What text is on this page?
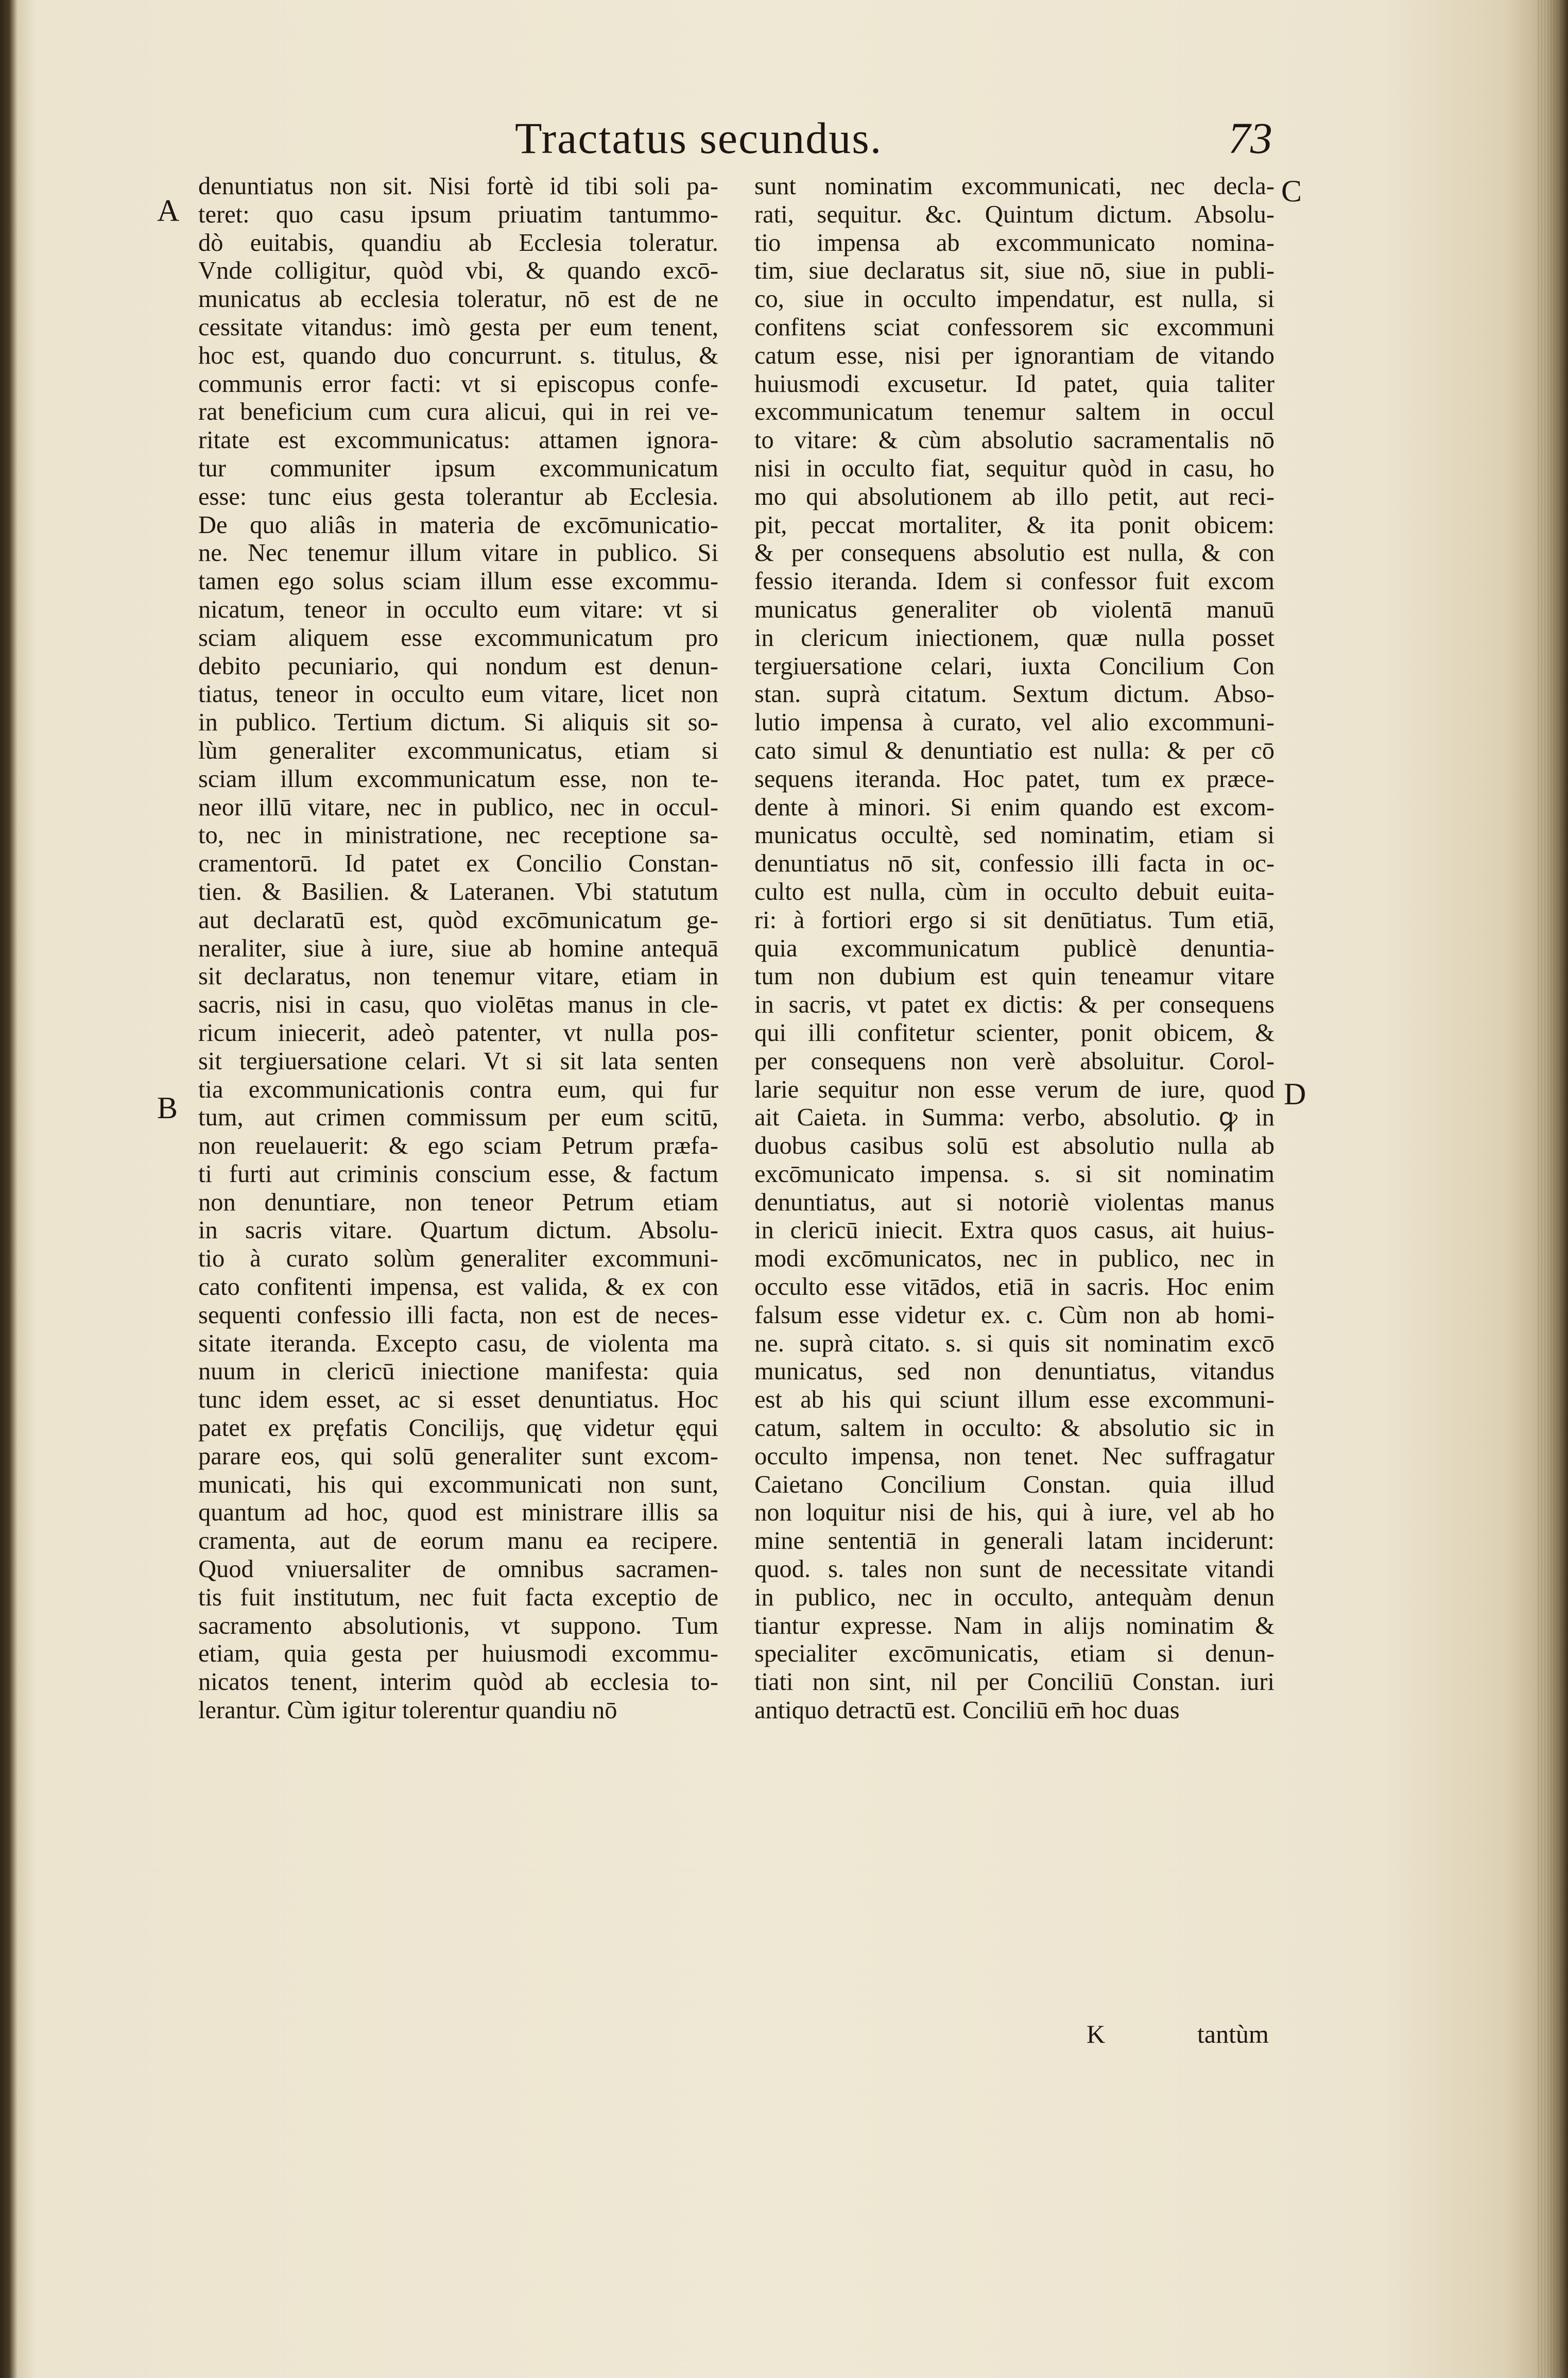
Tractatus secundus.	73
A
B
C
D
denuntiatus non sit. Nisi fortè id tibi soli pa-
teret: quo casu ipsum priuatim tantummo-
dò euitabis, quandiu ab Ecclesia toleratur.
Vnde colligitur, quòd vbi, & quando excō-
municatus ab ecclesia toleratur, nō est de ne
cessitate vitandus: imò gesta per eum tenent,
hoc est, quando duo concurrunt. s. titulus, &
communis error facti: vt si episcopus confe-
rat beneficium cum cura alicui, qui in rei ve-
ritate est excommunicatus: attamen ignora-
tur communiter ipsum excommunicatum
esse: tunc eius gesta tolerantur ab Ecclesia.
De quo aliâs in materia de excōmunicatio-
ne. Nec tenemur illum vitare in publico. Si
tamen ego solus sciam illum esse excommu-
nicatum, teneor in occulto eum vitare: vt si
sciam aliquem esse excommunicatum pro
debito pecuniario, qui nondum est denun-
tiatus, teneor in occulto eum vitare, licet non
in publico. Tertium dictum. Si aliquis sit so-
lùm generaliter excommunicatus, etiam si
sciam illum excommunicatum esse, non te-
neor illū vitare, nec in publico, nec in occul-
to, nec in ministratione, nec receptione sa-
cramentorū. Id patet ex Concilio Constan-
tien. & Basilien. & Lateranen. Vbi statutum
aut declaratū est, quòd excōmunicatum ge-
neraliter, siue à iure, siue ab homine antequā
sit declaratus, non tenemur vitare, etiam in
sacris, nisi in casu, quo violētas manus in cle-
ricum iniecerit, adeò patenter, vt nulla pos-
sit tergiuersatione celari. Vt si sit lata senten
tia excommunicationis contra eum, qui fur
tum, aut crimen commissum per eum scitū,
non reuelauerit: & ego sciam Petrum præfa-
ti furti aut criminis conscium esse, & factum
non denuntiare, non teneor Petrum etiam
in sacris vitare. Quartum dictum. Absolu-
tio à curato solùm generaliter excommuni-
cato confitenti impensa, est valida, & ex con
sequenti confessio illi facta, non est de neces-
sitate iteranda. Excepto casu, de violenta ma
nuum in clericū iniectione manifesta: quia
tunc idem esset, ac si esset denuntiatus. Hoc
patet ex pręfatis Concilijs, quę videtur ęqui
parare eos, qui solū generaliter sunt excom-
municati, his qui excommunicati non sunt,
quantum ad hoc, quod est ministrare illis sa
cramenta, aut de eorum manu ea recipere.
Quod vniuersaliter de omnibus sacramen-
tis fuit institutum, nec fuit facta exceptio de
sacramento absolutionis, vt suppono. Tum
etiam, quia gesta per huiusmodi excommu-
nicatos tenent, interim quòd ab ecclesia to-
lerantur. Cùm igitur tolerentur quandiu nō
sunt nominatim excommunicati, nec decla-
rati, sequitur. &c. Quintum dictum. Absolu-
tio impensa ab excommunicato nomina-
tim, siue declaratus sit, siue nō, siue in publi-
co, siue in occulto impendatur, est nulla, si
confitens sciat confessorem sic excommuni
catum esse, nisi per ignorantiam de vitando
huiusmodi excusetur. Id patet, quia taliter
excommunicatum tenemur saltem in occul
to vitare: & cùm absolutio sacramentalis nō
nisi in occulto fiat, sequitur quòd in casu, ho
mo qui absolutionem ab illo petit, aut reci-
pit, peccat mortaliter, & ita ponit obicem:
& per consequens absolutio est nulla, & con
fessio iteranda. Idem si confessor fuit excom
municatus generaliter ob violentā manuū
in clericum iniectionem, quæ nulla posset
tergiuersatione celari, iuxta Concilium Con
stan. suprà citatum. Sextum dictum. Abso-
lutio impensa à curato, vel alio excommuni-
cato simul & denuntiatio est nulla: & per cō
sequens iteranda. Hoc patet, tum ex præce-
dente à minori. Si enim quando est excom-
municatus occultè, sed nominatim, etiam si
denuntiatus nō sit, confessio illi facta in oc-
culto est nulla, cùm in occulto debuit euita-
ri: à fortiori ergo si sit denūtiatus. Tum etiā,
quia excommunicatum publicè denuntia-
tum non dubium est quin teneamur vitare
in sacris, vt patet ex dictis: & per consequens
qui illi confitetur scienter, ponit obicem, &
per consequens non verè absoluitur. Corol-
larie sequitur non esse verum de iure, quod
ait Caieta. in Summa: verbo, absolutio. ꝙ in
duobus casibus solū est absolutio nulla ab
excōmunicato impensa. s. si sit nominatim
denuntiatus, aut si notoriè violentas manus
in clericū iniecit. Extra quos casus, ait huius-
modi excōmunicatos, nec in publico, nec in
occulto esse vitādos, etiā in sacris. Hoc enim
falsum esse videtur ex. c. Cùm non ab homi-
ne. suprà citato. s. si quis sit nominatim excō
municatus, sed non denuntiatus, vitandus
est ab his qui sciunt illum esse excommuni-
catum, saltem in occulto: & absolutio sic in
occulto impensa, non tenet. Nec suffragatur
Caietano Concilium Constan. quia illud
non loquitur nisi de his, qui à iure, vel ab ho
mine sententiā in generali latam inciderunt:
quod. s. tales non sunt de necessitate vitandi
in publico, nec in occulto, antequàm denun
tiantur expresse. Nam in alijs nominatim &
specialiter excōmunicatis, etiam si denun-
tiati non sint, nil per Conciliū Constan. iuri
antiquo detractū est. Conciliū em̄ hoc duas
K	tantùm
